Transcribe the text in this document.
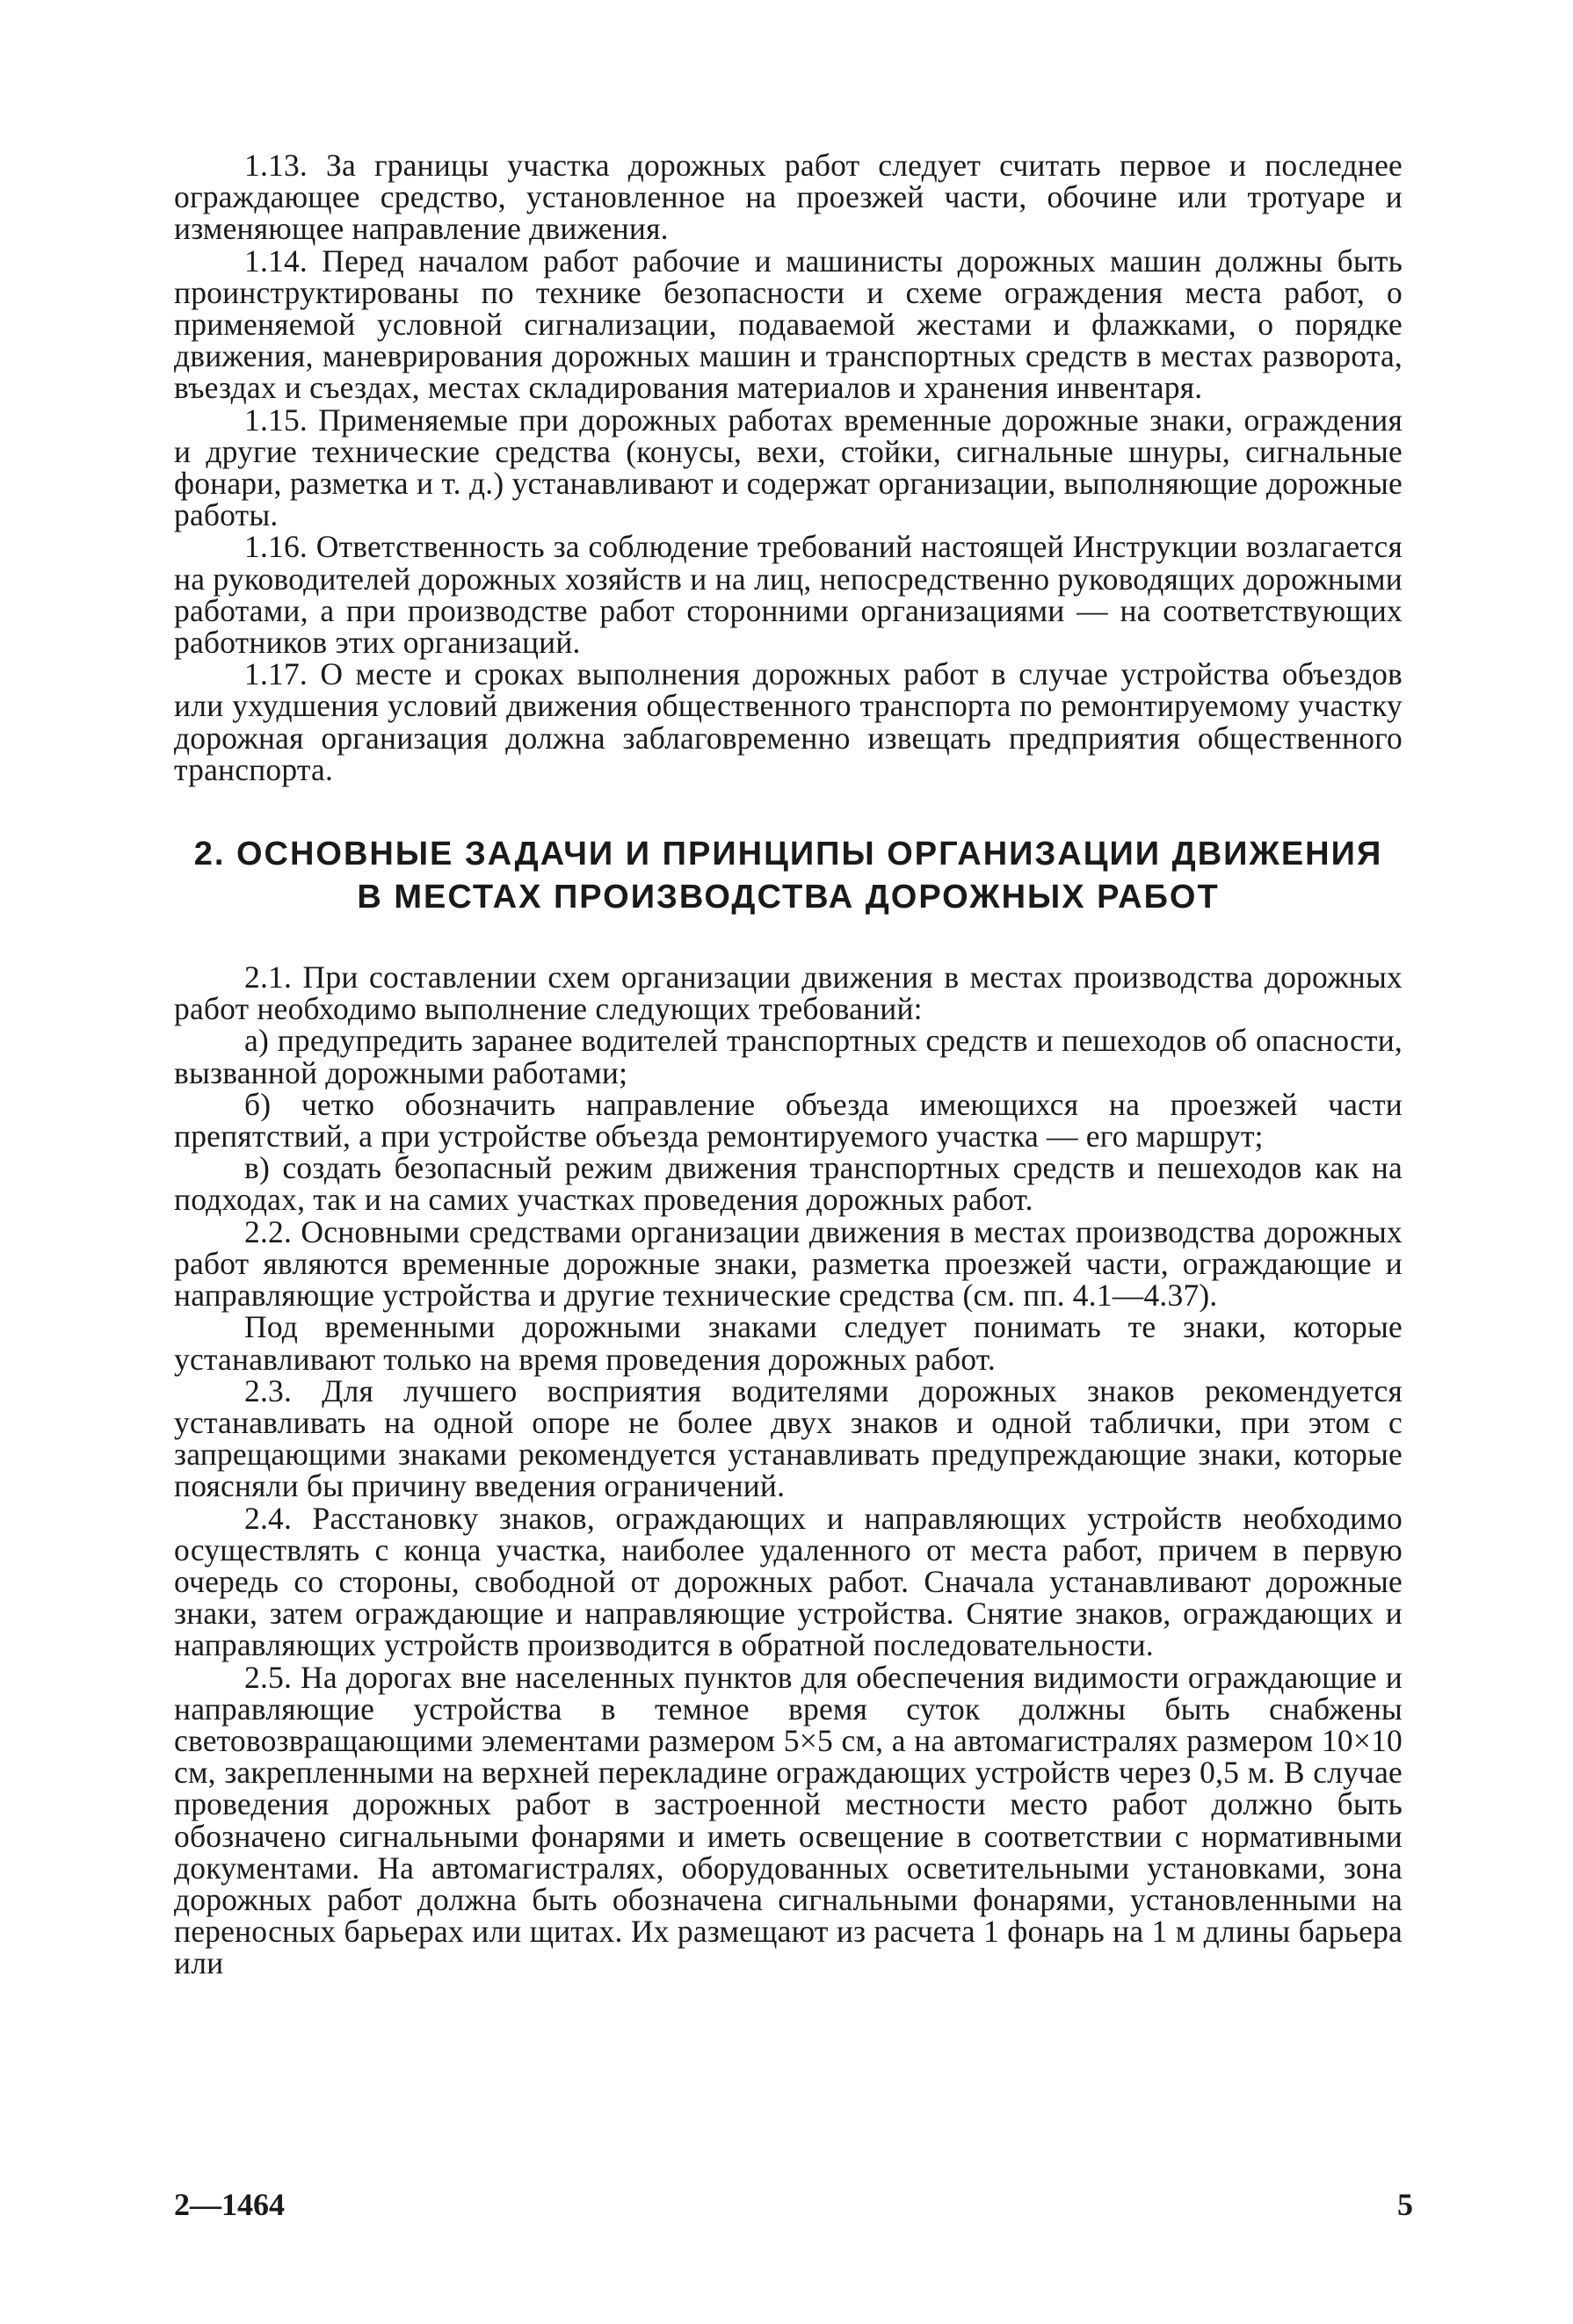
1.13. За границы участка дорожных работ следует считать первое и последнее ограждающее средство, установленное на проезжей части, обочине или тротуаре и изменяющее направление движения.

1.14. Перед началом работ рабочие и машинисты дорожных машин должны быть проинструктированы по технике безопасности и схеме ограждения места работ, о применяемой условной сигнализации, подаваемой жестами и флажками, о порядке движения, маневрирования дорожных машин и транспортных средств в местах разворота, въездах и съездах, местах складирования материалов и хранения инвентаря.

1.15. Применяемые при дорожных работах временные дорожные знаки, ограждения и другие технические средства (конусы, вехи, стойки, сигнальные шнуры, сигнальные фонари, разметка и т. д.) устанавливают и содержат организации, выполняющие дорожные работы.

1.16. Ответственность за соблюдение требований настоящей Инструкции возлагается на руководителей дорожных хозяйств и на лиц, непосредственно руководящих дорожными работами, а при производстве работ сторонними организациями — на соответствующих работников этих организаций.

1.17. О месте и сроках выполнения дорожных работ в случае устройства объездов или ухудшения условий движения общественного транспорта по ремонтируемому участку дорожная организация должна заблаговременно извещать предприятия общественного транспорта.

2. ОСНОВНЫЕ ЗАДАЧИ И ПРИНЦИПЫ ОРГАНИЗАЦИИ ДВИЖЕНИЯ
В МЕСТАХ ПРОИЗВОДСТВА ДОРОЖНЫХ РАБОТ

2.1. При составлении схем организации движения в местах производства дорожных работ необходимо выполнение следующих требований:

а) предупредить заранее водителей транспортных средств и пешеходов об опасности, вызванной дорожными работами;

б) четко обозначить направление объезда имеющихся на проезжей части препятствий, а при устройстве объезда ремонтируемого участка — его маршрут;

в) создать безопасный режим движения транспортных средств и пешеходов как на подходах, так и на самих участках проведения дорожных работ.

2.2. Основными средствами организации движения в местах производства дорожных работ являются временные дорожные знаки, разметка проезжей части, ограждающие и направляющие устройства и другие технические средства (см. пп. 4.1—4.37).

Под временными дорожными знаками следует понимать те знаки, которые устанавливают только на время проведения дорожных работ.

2.3. Для лучшего восприятия водителями дорожных знаков рекомендуется устанавливать на одной опоре не более двух знаков и одной таблички, при этом с запрещающими знаками рекомендуется устанавливать предупреждающие знаки, которые поясняли бы причину введения ограничений.

2.4. Расстановку знаков, ограждающих и направляющих устройств необходимо осуществлять с конца участка, наиболее удаленного от места работ, причем в первую очередь со стороны, свободной от дорожных работ. Сначала устанавливают дорожные знаки, затем ограждающие и направляющие устройства. Снятие знаков, ограждающих и направляющих устройств производится в обратной последовательности.

2.5. На дорогах вне населенных пунктов для обеспечения видимости ограждающие и направляющие устройства в темное время суток должны быть снабжены световозвращающими элементами размером 5×5 см, а на автомагистралях размером 10×10 см, закрепленными на верхней перекладине ограждающих устройств через 0,5 м. В случае проведения дорожных работ в застроенной местности место работ должно быть обозначено сигнальными фонарями и иметь освещение в соответствии с нормативными документами. На автомагистралях, оборудованных осветительными установками, зона дорожных работ должна быть обозначена сигнальными фонарями, установленными на переносных барьерах или щитах. Их размещают из расчета 1 фонарь на 1 м длины барьера или

2—1464	5
